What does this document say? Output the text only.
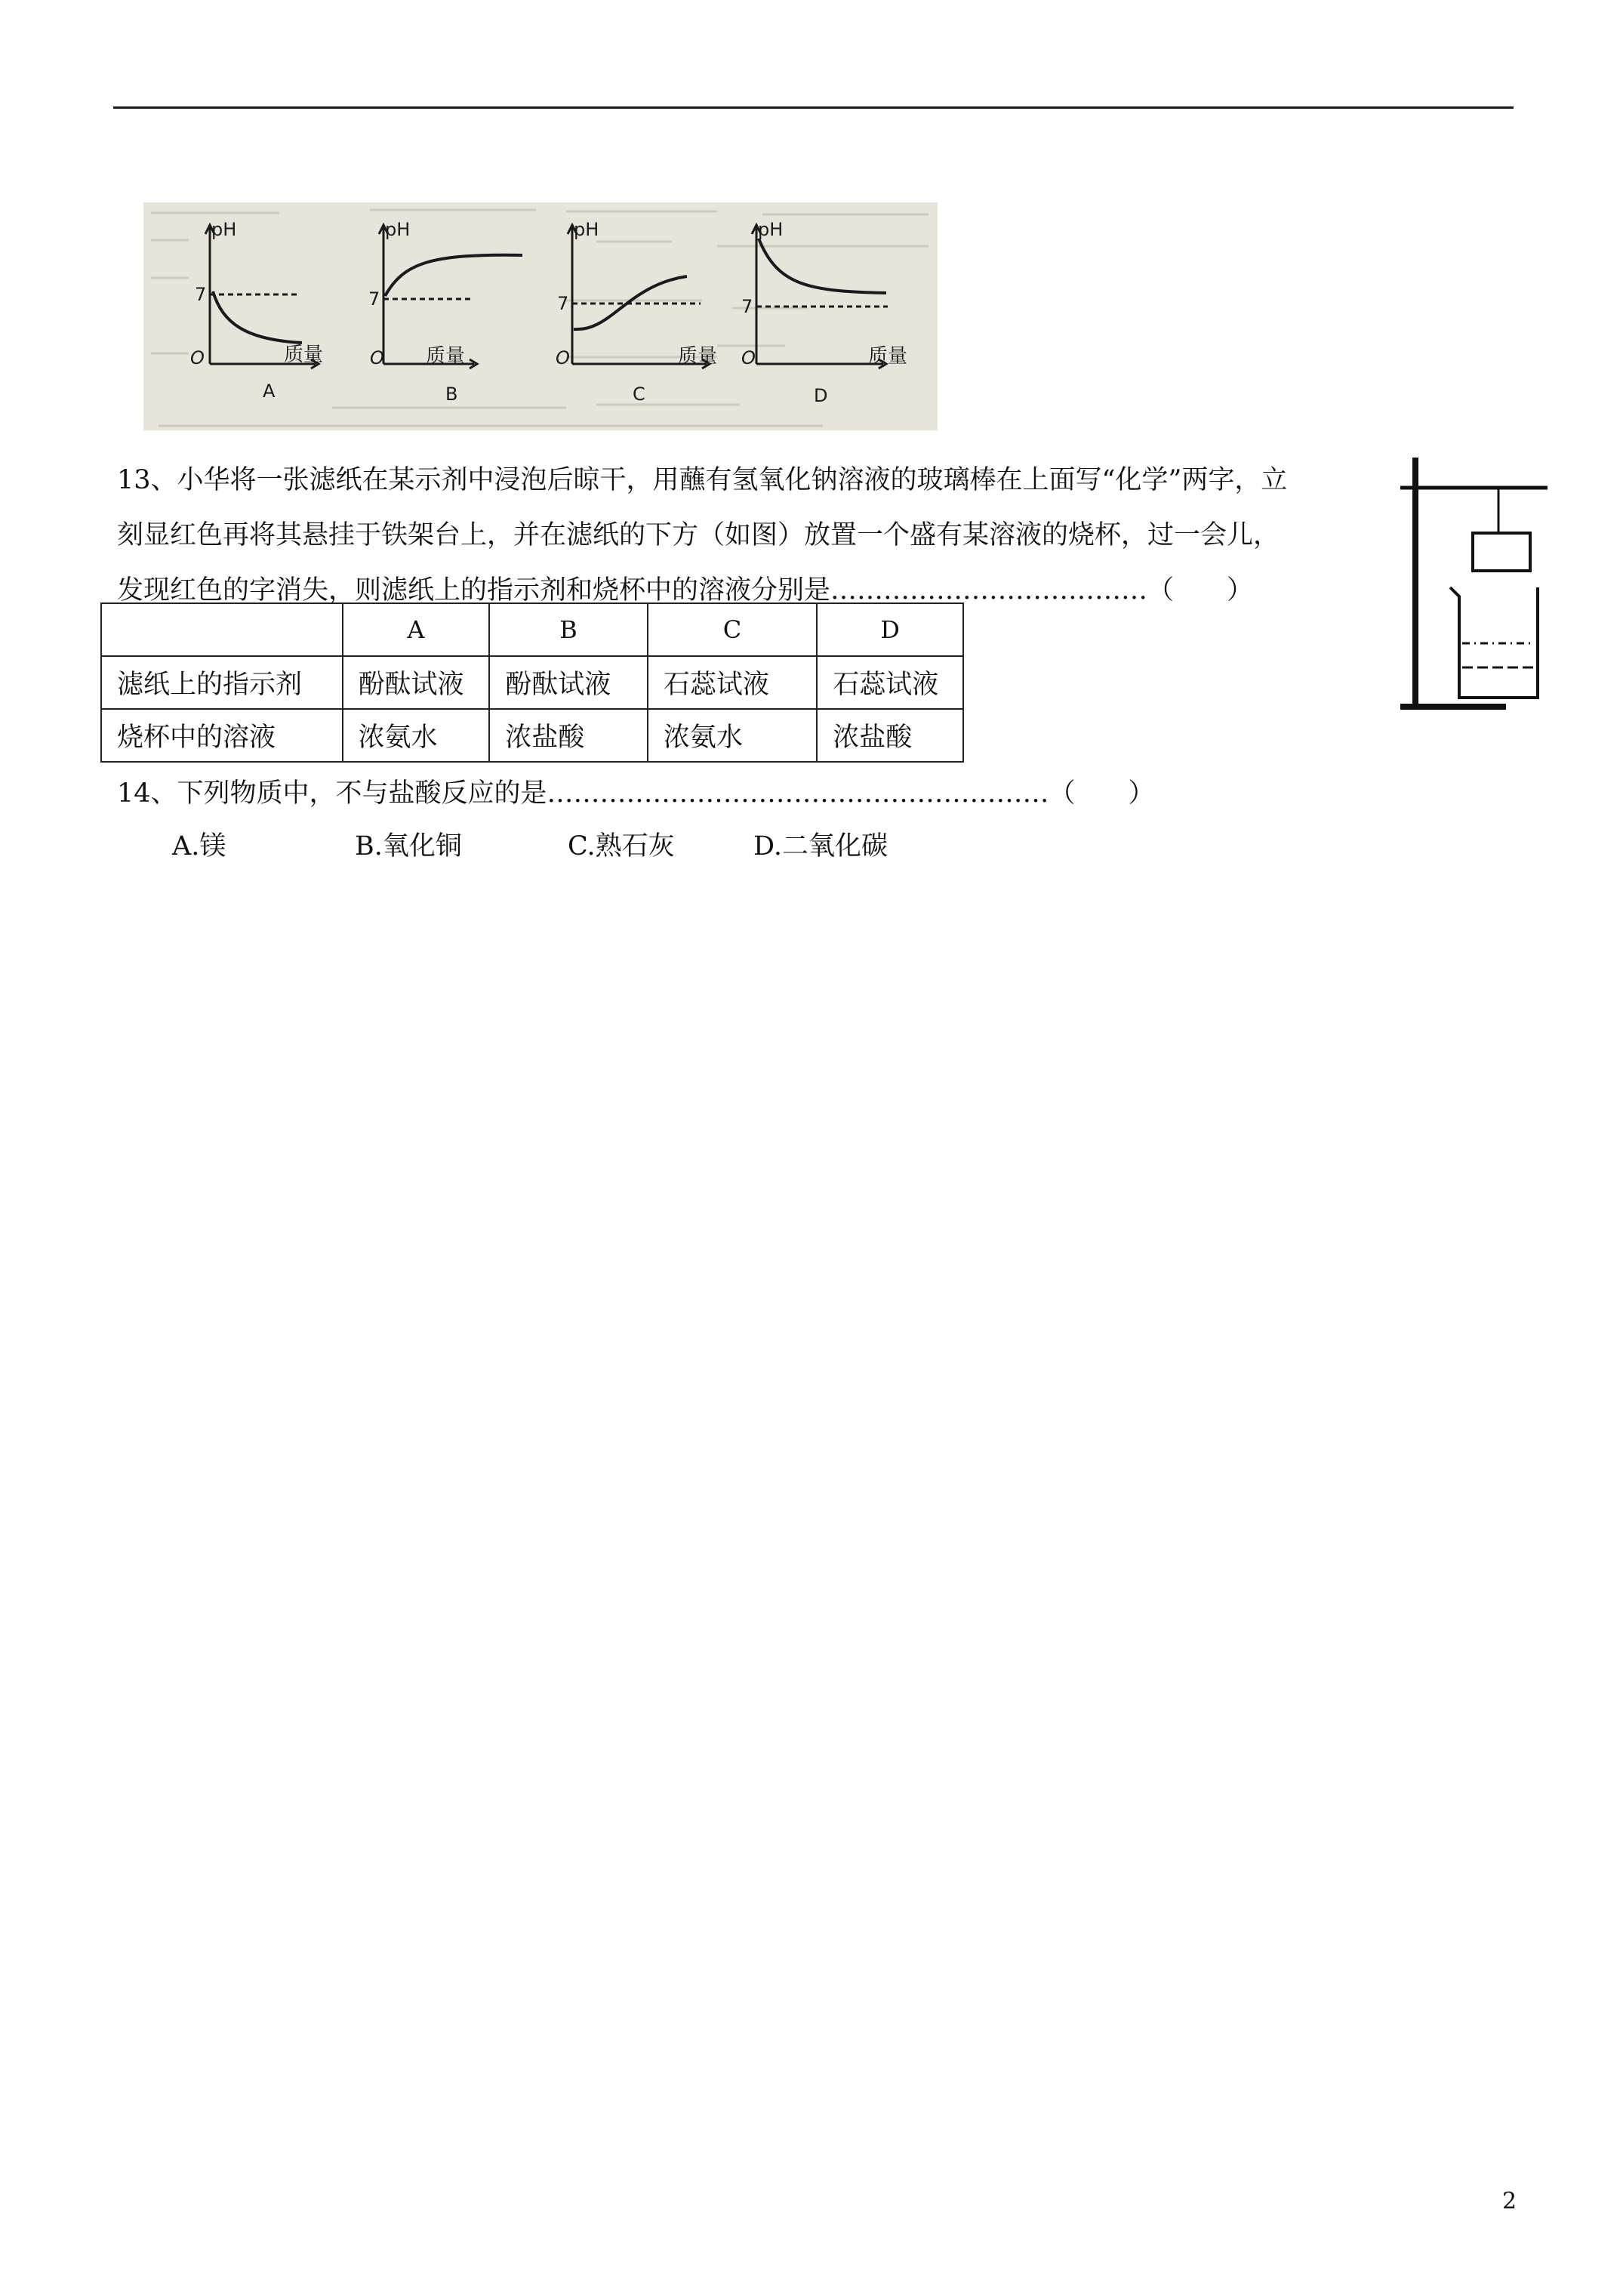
pH	pH	pH	pH
7	7	7	7
O	O	O	O
质量	质量	质量	质量
A	B	C	D

13、小华将一张滤纸在某示剂中浸泡后晾干，用蘸有氢氧化钠溶液的玻璃棒在上面写“化学”两字，立

刻显红色再将其悬挂于铁架台上，并在滤纸的下方（如图）放置一个盛有某溶液的烧杯，过一会儿，

发现红色的字消失，则滤纸上的指示剂和烧杯中的溶液分别是………………………………（　　）

	A	B	C	D
滤纸上的指示剂	酚酞试液	酚酞试液	石蕊试液	石蕊试液
烧杯中的溶液	浓氨水	浓盐酸	浓氨水	浓盐酸

14、下列物质中，不与盐酸反应的是…………………………………………………（　　）

A.镁	B.氧化铜	C.熟石灰	D.二氧化碳
2
